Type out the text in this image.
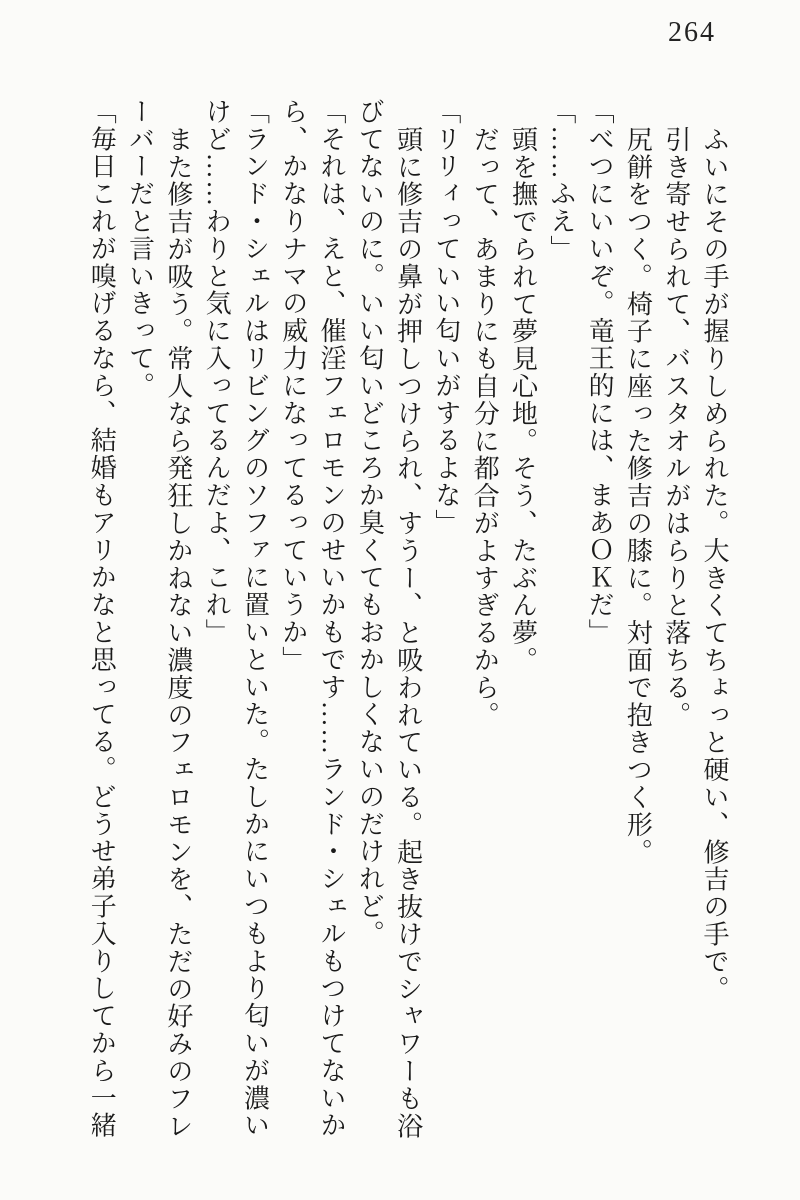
264

ふいにその手が握りしめられた。大きくてちょっと硬い、修吉の手で。

引き寄せられて、バスタオルがはらりと落ちる。

尻餅をつく。椅子に座った修吉の膝に。対面で抱きつく形。

「べつにいいぞ。竜王的には、まあＯＫだ」

「……ふえ」

頭を撫でられて夢見心地。そう、たぶん夢。

だって、あまりにも自分に都合がよすぎるから。

「リリィっていい匂いがするよな」

頭に修吉の鼻が押しつけられ、すうー、と吸われている。起き抜けでシャワーも浴

びてないのに。いい匂いどころか臭くてもおかしくないのだけれど。

「それは、えと、催淫フェロモンのせいかもです……ランド・シェルもつけてないか

ら、かなりナマの威力になってるっていうか」

「ランド・シェルはリビングのソファに置いといた。たしかにいつもより匂いが濃い

けど……わりと気に入ってるんだよ、これ」

また修吉が吸う。常人なら発狂しかねない濃度のフェロモンを、ただの好みのフレ

ーバーだと言いきって。

「毎日これが嗅げるなら、結婚もアリかなと思ってる。どうせ弟子入りしてから一緒
